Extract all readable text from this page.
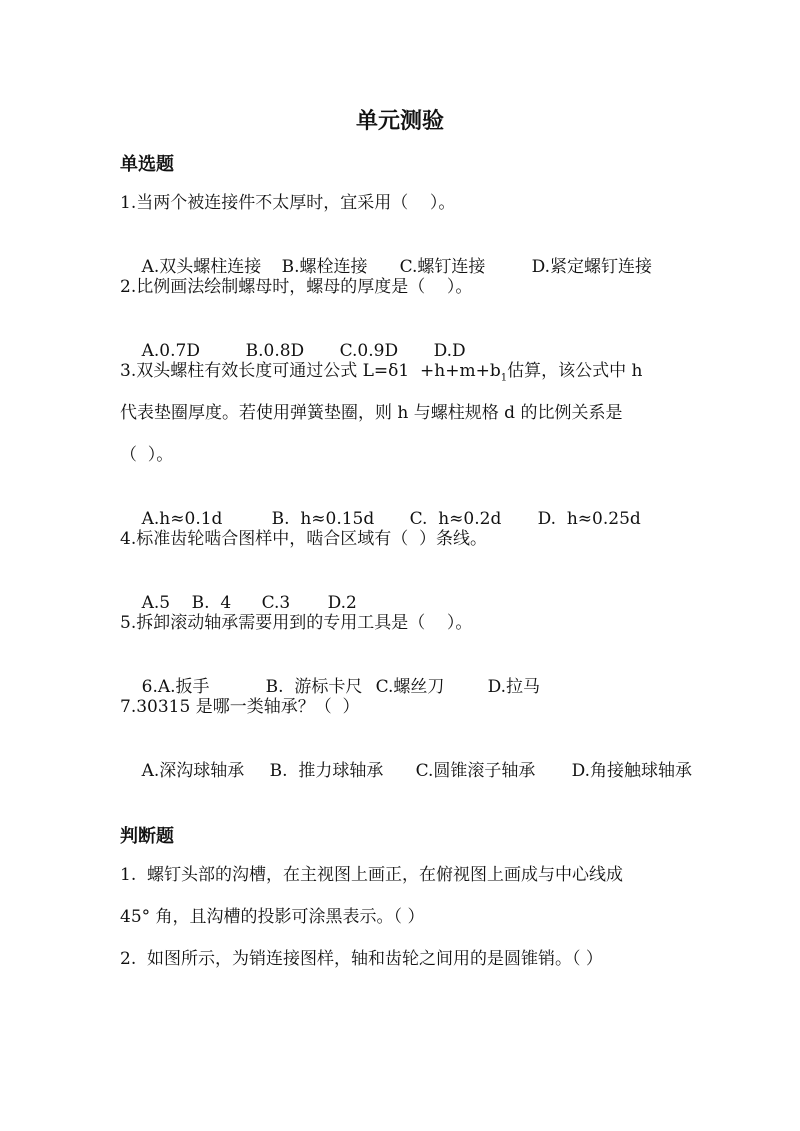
单元测验
单选题
1.当两个被连接件不太厚时，宜采用（    ）。

A.双头螺柱连接 B.螺栓连接 C.螺钉连接	D.紧定螺钉连接

2.比例画法绘制螺母时，螺母的厚度是（    ）。

A.0.7D	B.0.8D C.0.9D D.D

3.双头螺柱有效长度可通过公式 $L=\delta 1 +h+m+b_1$估算，该公式中 h
代表垫圈厚度。若使用弹簧垫圈，则 h 与螺柱规格 d 的比例关系是
（  ）。

A.h≈0.1d	B.  h≈0.15d C.  h≈0.2d D.  h≈0.25d

4.标准齿轮啮合图样中，啮合区域有（  ）条线。

A.5 B.  4 C.3 D.2

5.拆卸滚动轴承需要用到的专用工具是（    ）。

6.A.扳手	B.  游标卡尺 C.螺丝刀	D.拉马

7.30315 是哪一类轴承？（  ）

A.深沟球轴承 B.  推力球轴承 C.圆锥滚子轴承 D.角接触球轴承

判断题
1.  螺钉头部的沟槽，在主视图上画正，在俯视图上画成与中心线成
45° 角，且沟槽的投影可涂黑表示。（ ）
2.  如图所示，为销连接图样，轴和齿轮之间用的是圆锥销。（ ）
